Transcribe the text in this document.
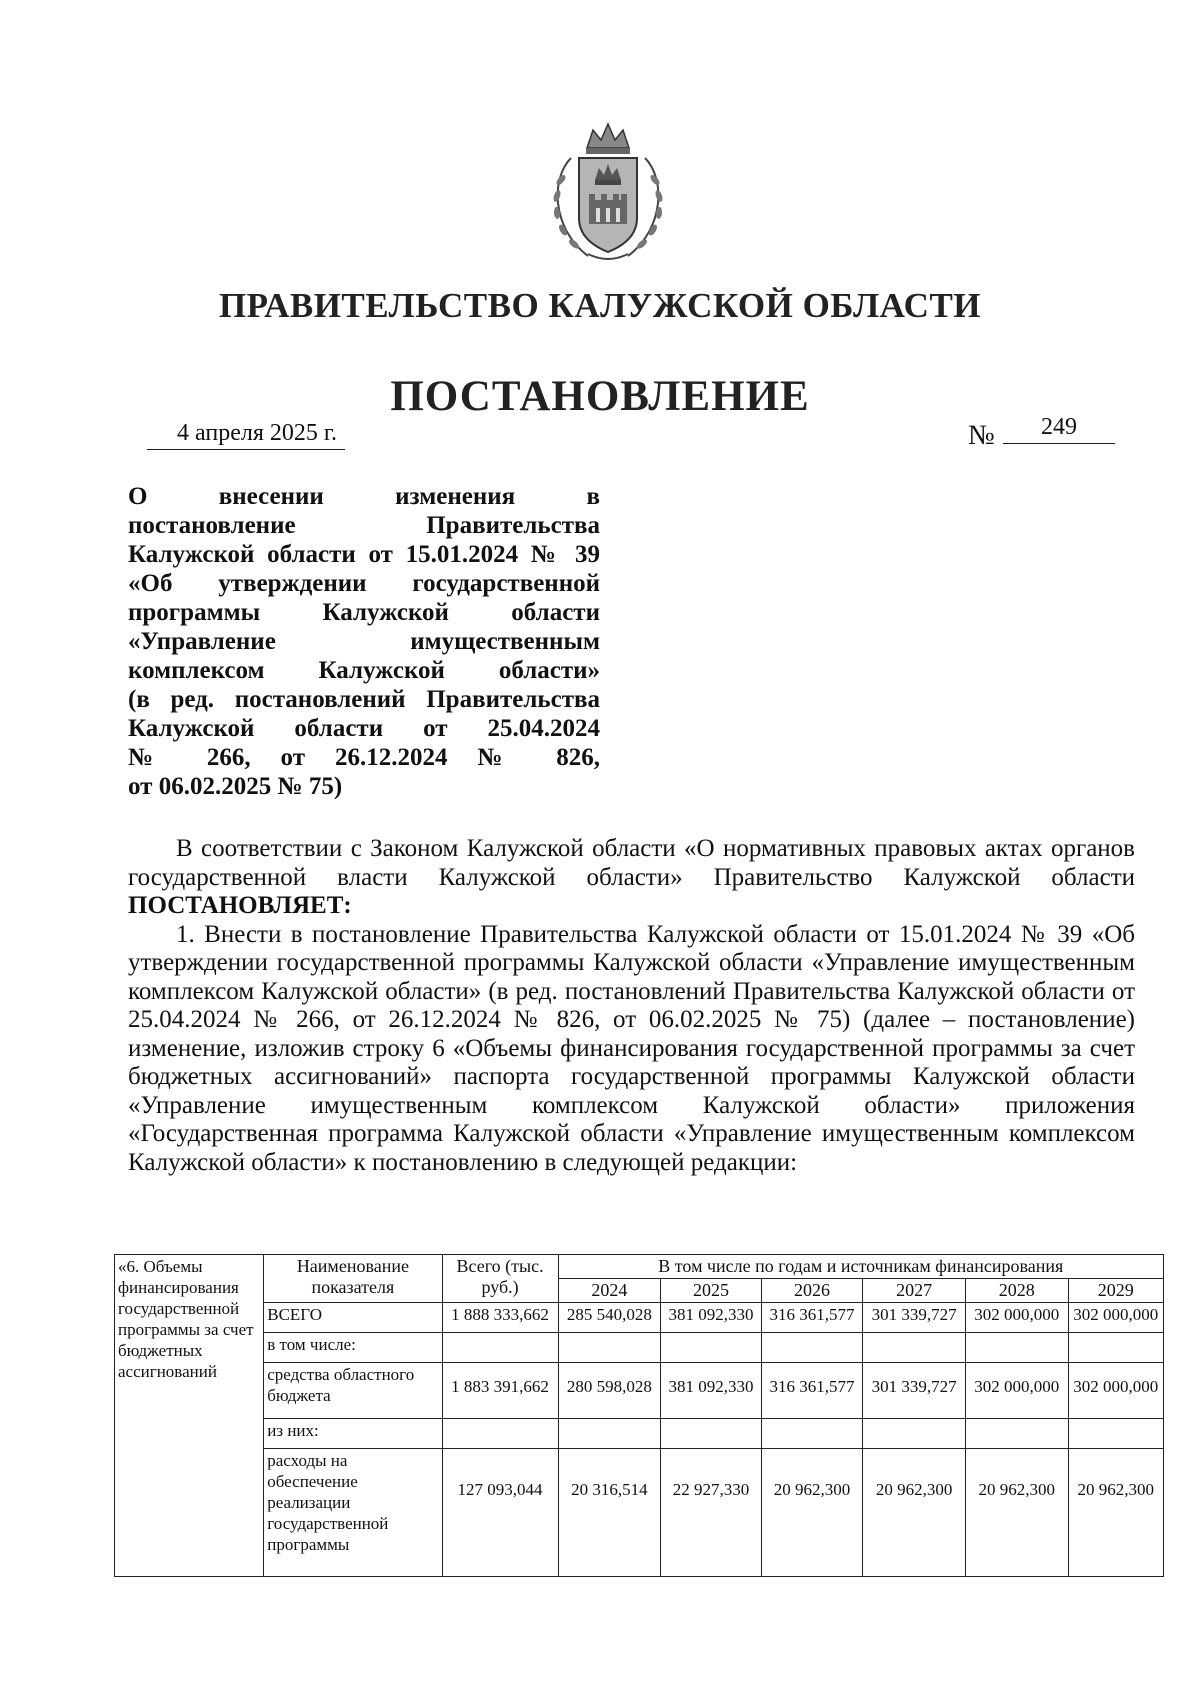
ПРАВИТЕЛЬСТВО КАЛУЖСКОЙ ОБЛАСТИ
ПОСТАНОВЛЕНИЕ
4 апреля 2025 г.	№	249
О внесении изменения в
постановление Правительства
Калужской области от 15.01.2024 № 39
«Об утверждении государственной
программы Калужской области
«Управление имущественным
комплексом Калужской области»
(в ред. постановлений Правительства
Калужской области от 25.04.2024
№ 266, от 26.12.2024 № 826,
от 06.02.2025 № 75)

В соответствии с Законом Калужской области «О нормативных правовых актах органов государственной власти Калужской области» Правительство Калужской области ПОСТАНОВЛЯЕТ:

1. Внести в постановление Правительства Калужской области от 15.01.2024 № 39 «Об утверждении государственной программы Калужской области «Управление имущественным комплексом Калужской области» (в ред. постановлений Правительства Калужской области от 25.04.2024 № 266, от 26.12.2024 № 826, от 06.02.2025 № 75) (далее – постановление) изменение, изложив строку 6 «Объемы финансирования государственной программы за счет бюджетных ассигнований» паспорта государственной программы Калужской области «Управление имущественным комплексом Калужской области» приложения «Государственная программа Калужской области «Управление имущественным комплексом Калужской области» к постановлению в следующей редакции:

«6. Объемы финансирования государственной программы за счет бюджетных ассигнований	Наименование показателя	Всего (тыс. руб.)	В том числе по годам и источникам финансирования					
			2024	2025	2026	2027	2028	2029
	ВСЕГО	1 888 333,662	285 540,028	381 092,330	316 361,577	301 339,727	302 000,000	302 000,000
	в том числе:							
	средства областного бюджета	1 883 391,662	280 598,028	381 092,330	316 361,577	301 339,727	302 000,000	302 000,000
	из них:							
	расходы на обеспечение реализации государственной программы	127 093,044	20 316,514	22 927,330	20 962,300	20 962,300	20 962,300	20 962,300
